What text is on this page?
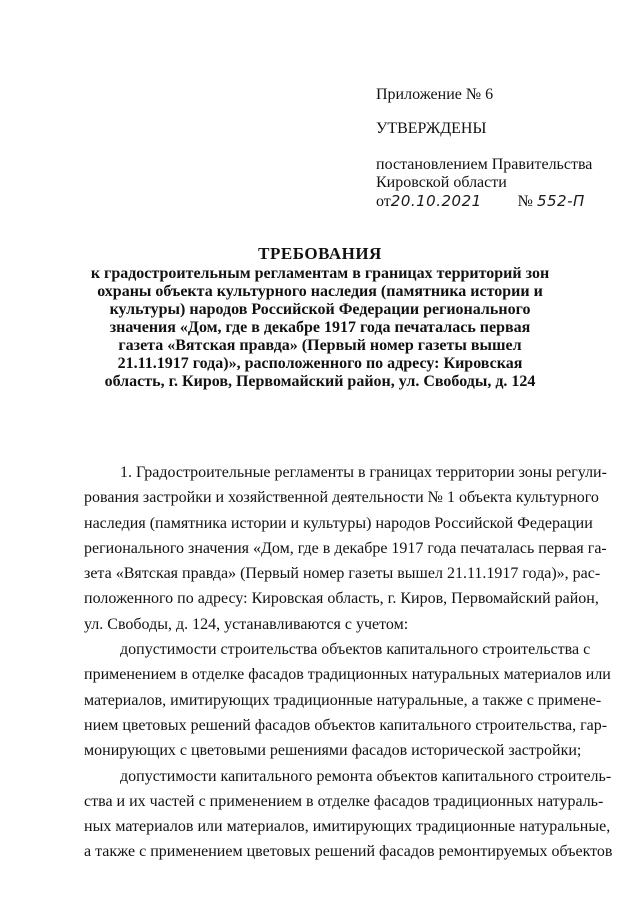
Приложение № 6
УТВЕРЖДЕНЫ
постановлением Правительства
Кировской области
от20.10.2021 № 552-П
ТРЕБОВАНИЯ
к градостроительным регламентам в границах территорий зон
охраны объекта культурного наследия (памятника истории и
культуры) народов Российской Федерации регионального
значения «Дом, где в декабре 1917 года печаталась первая
газета «Вятская правда» (Первый номер газеты вышел
21.11.1917 года)», расположенного по адресу: Кировская
область, г. Киров, Первомайский район, ул. Свободы, д. 124
1. Градостроительные регламенты в границах территории зоны регули-
рования застройки и хозяйственной деятельности № 1 объекта культурного
наследия (памятника истории и культуры) народов Российской Федерации
регионального значения «Дом, где в декабре 1917 года печаталась первая га-
зета «Вятская правда» (Первый номер газеты вышел 21.11.1917 года)», рас-
положенного по адресу: Кировская область, г. Киров, Первомайский район,
ул. Свободы, д. 124, устанавливаются с учетом:
допустимости строительства объектов капитального строительства с
применением в отделке фасадов традиционных натуральных материалов или
материалов, имитирующих традиционные натуральные, а также с примене-
нием цветовых решений фасадов объектов капитального строительства, гар-
монирующих с цветовыми решениями фасадов исторической застройки;
допустимости капитального ремонта объектов капитального строитель-
ства и их частей с применением в отделке фасадов традиционных натураль-
ных материалов или материалов, имитирующих традиционные натуральные,
а также с применением цветовых решений фасадов ремонтируемых объектов
